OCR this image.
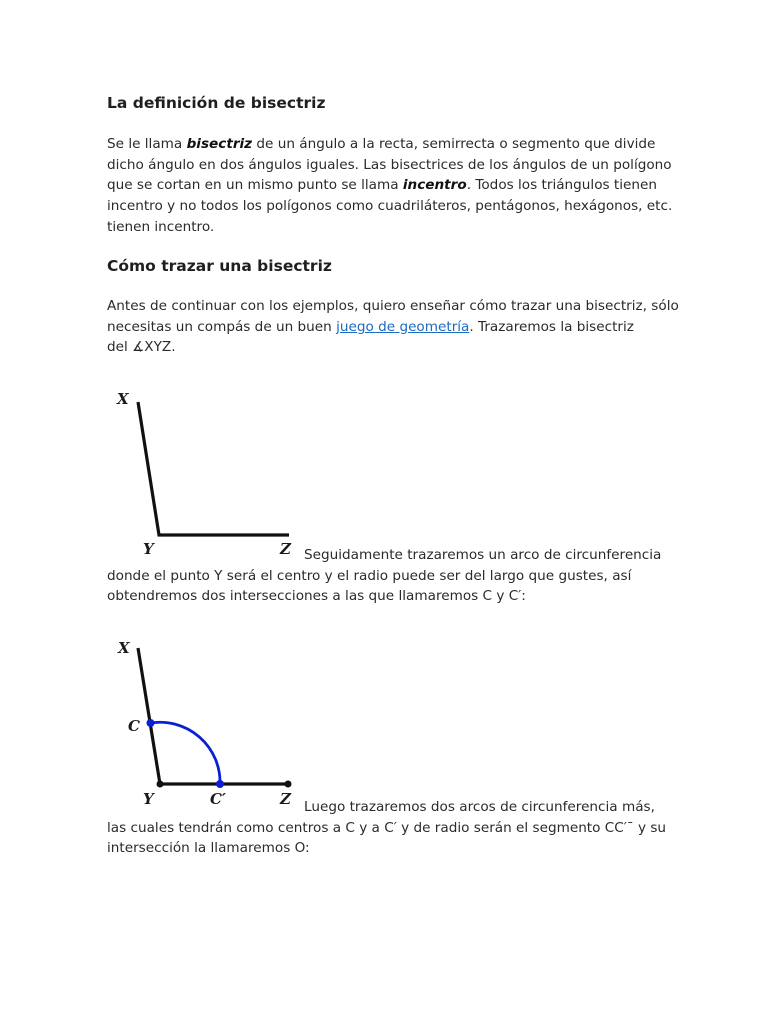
La definición de bisectriz
Se le llama bisectriz de un ángulo a la recta, semirrecta o segmento que divide
dicho ángulo en dos ángulos iguales. Las bisectrices de los ángulos de un polígono
que se cortan en un mismo punto se llama incentro. Todos los triángulos tienen
incentro y no todos los polígonos como cuadriláteros, pentágonos, hexágonos, etc.
tienen incentro.
Cómo trazar una bisectriz
Antes de continuar con los ejemplos, quiero enseñar cómo trazar una bisectriz, sólo
necesitas un compás de un buen juego de geometría. Trazaremos la bisectriz
del ∡XYZ.
X
Y	Z Seguidamente trazaremos un arco de circunferencia
donde el punto Y será el centro y el radio puede ser del largo que gustes, así
obtendremos dos intersecciones a las que llamaremos C y C′:
X
C
Y	C′	Z Luego trazaremos dos arcos de circunferencia más,
las cuales tendrán como centros a C y a C′ y de radio serán el segmento CC′¯ y su
intersección la llamaremos O:
